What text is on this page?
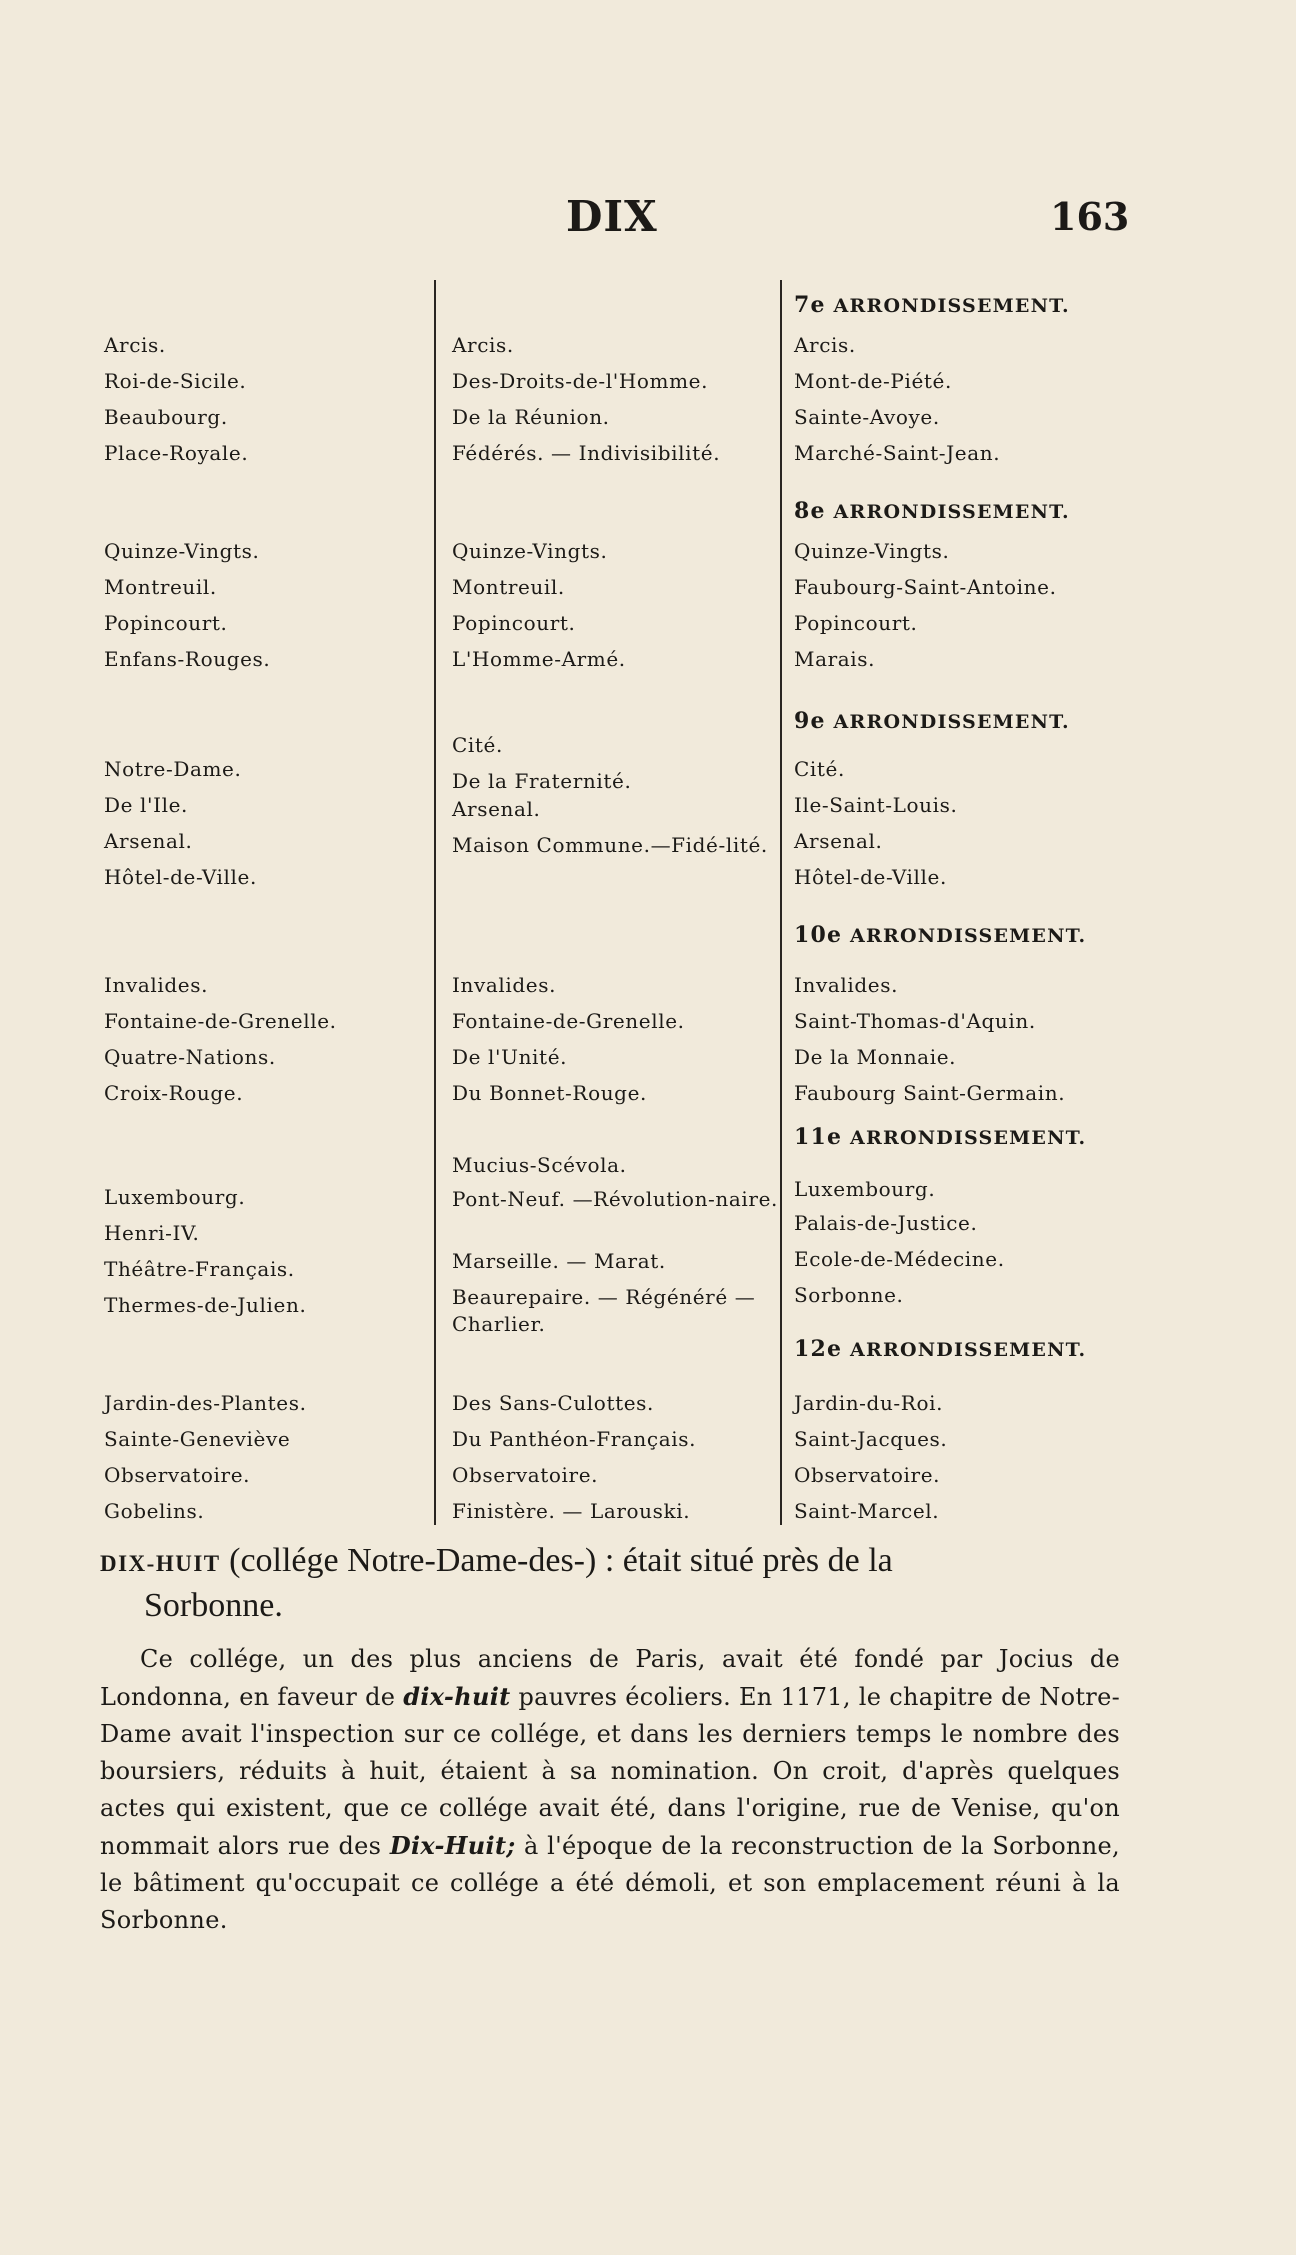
DIX	163
Arcis.
Roi-de-Sicile.
Beaubourg.
Place-Royale.
Quinze-Vingts.
Montreuil.
Popincourt.
Enfans-Rouges.
Notre-Dame.
De l'Ile.
Arsenal.
Hôtel-de-Ville.
Invalides.
Fontaine-de-Grenelle.
Quatre-Nations.
Croix-Rouge.
Luxembourg.
Henri-IV.
Théâtre-Français.
Thermes-de-Julien.
Jardin-des-Plantes.
Sainte-Geneviève
Observatoire.
Gobelins.
Arcis.
Des-Droits-de-l'Homme.
De la Réunion.
Fédérés. — Indivisibilité.
Quinze-Vingts.
Montreuil.
Popincourt.
L'Homme-Armé.
Cité.
De la Fraternité.
Arsenal.
Maison Commune.—Fidé-lité.
Invalides.
Fontaine-de-Grenelle.
De l'Unité.
Du Bonnet-Rouge.
Mucius-Scévola.
Pont-Neuf. —Révolution-naire.
Marseille. — Marat.
Beaurepaire. — Régénéré — Charlier.
Des Sans-Culottes.
Du Panthéon-Français.
Observatoire.
Finistère. — Larouski.
7e ARRONDISSEMENT.
Arcis.
Mont-de-Piété.
Sainte-Avoye.
Marché-Saint-Jean.
8e ARRONDISSEMENT.
Quinze-Vingts.
Faubourg-Saint-Antoine.
Popincourt.
Marais.
9e ARRONDISSEMENT.
Cité.
Ile-Saint-Louis.
Arsenal.
Hôtel-de-Ville.
10e ARRONDISSEMENT.
Invalides.
Saint-Thomas-d'Aquin.
De la Monnaie.
Faubourg Saint-Germain.
11e ARRONDISSEMENT.
Luxembourg.
Palais-de-Justice.
Ecole-de-Médecine.
Sorbonne.
12e ARRONDISSEMENT.
Jardin-du-Roi.
Saint-Jacques.
Observatoire.
Saint-Marcel.

DIX-HUIT (collége Notre-Dame-des-) : était situé près de la
Sorbonne.

Ce collége, un des plus anciens de Paris, avait été fondé par Jocius de Londonna, en faveur de dix-huit pauvres écoliers. En 1171, le chapitre de Notre-Dame avait l'inspection sur ce collége, et dans les derniers temps le nombre des boursiers, réduits à huit, étaient à sa nomination. On croit, d'après quelques actes qui existent, que ce collége avait été, dans l'origine, rue de Venise, qu'on nommait alors rue des Dix-Huit; à l'époque de la reconstruction de la Sorbonne, le bâtiment qu'occupait ce collége a été démoli, et son emplacement réuni à la Sorbonne.
